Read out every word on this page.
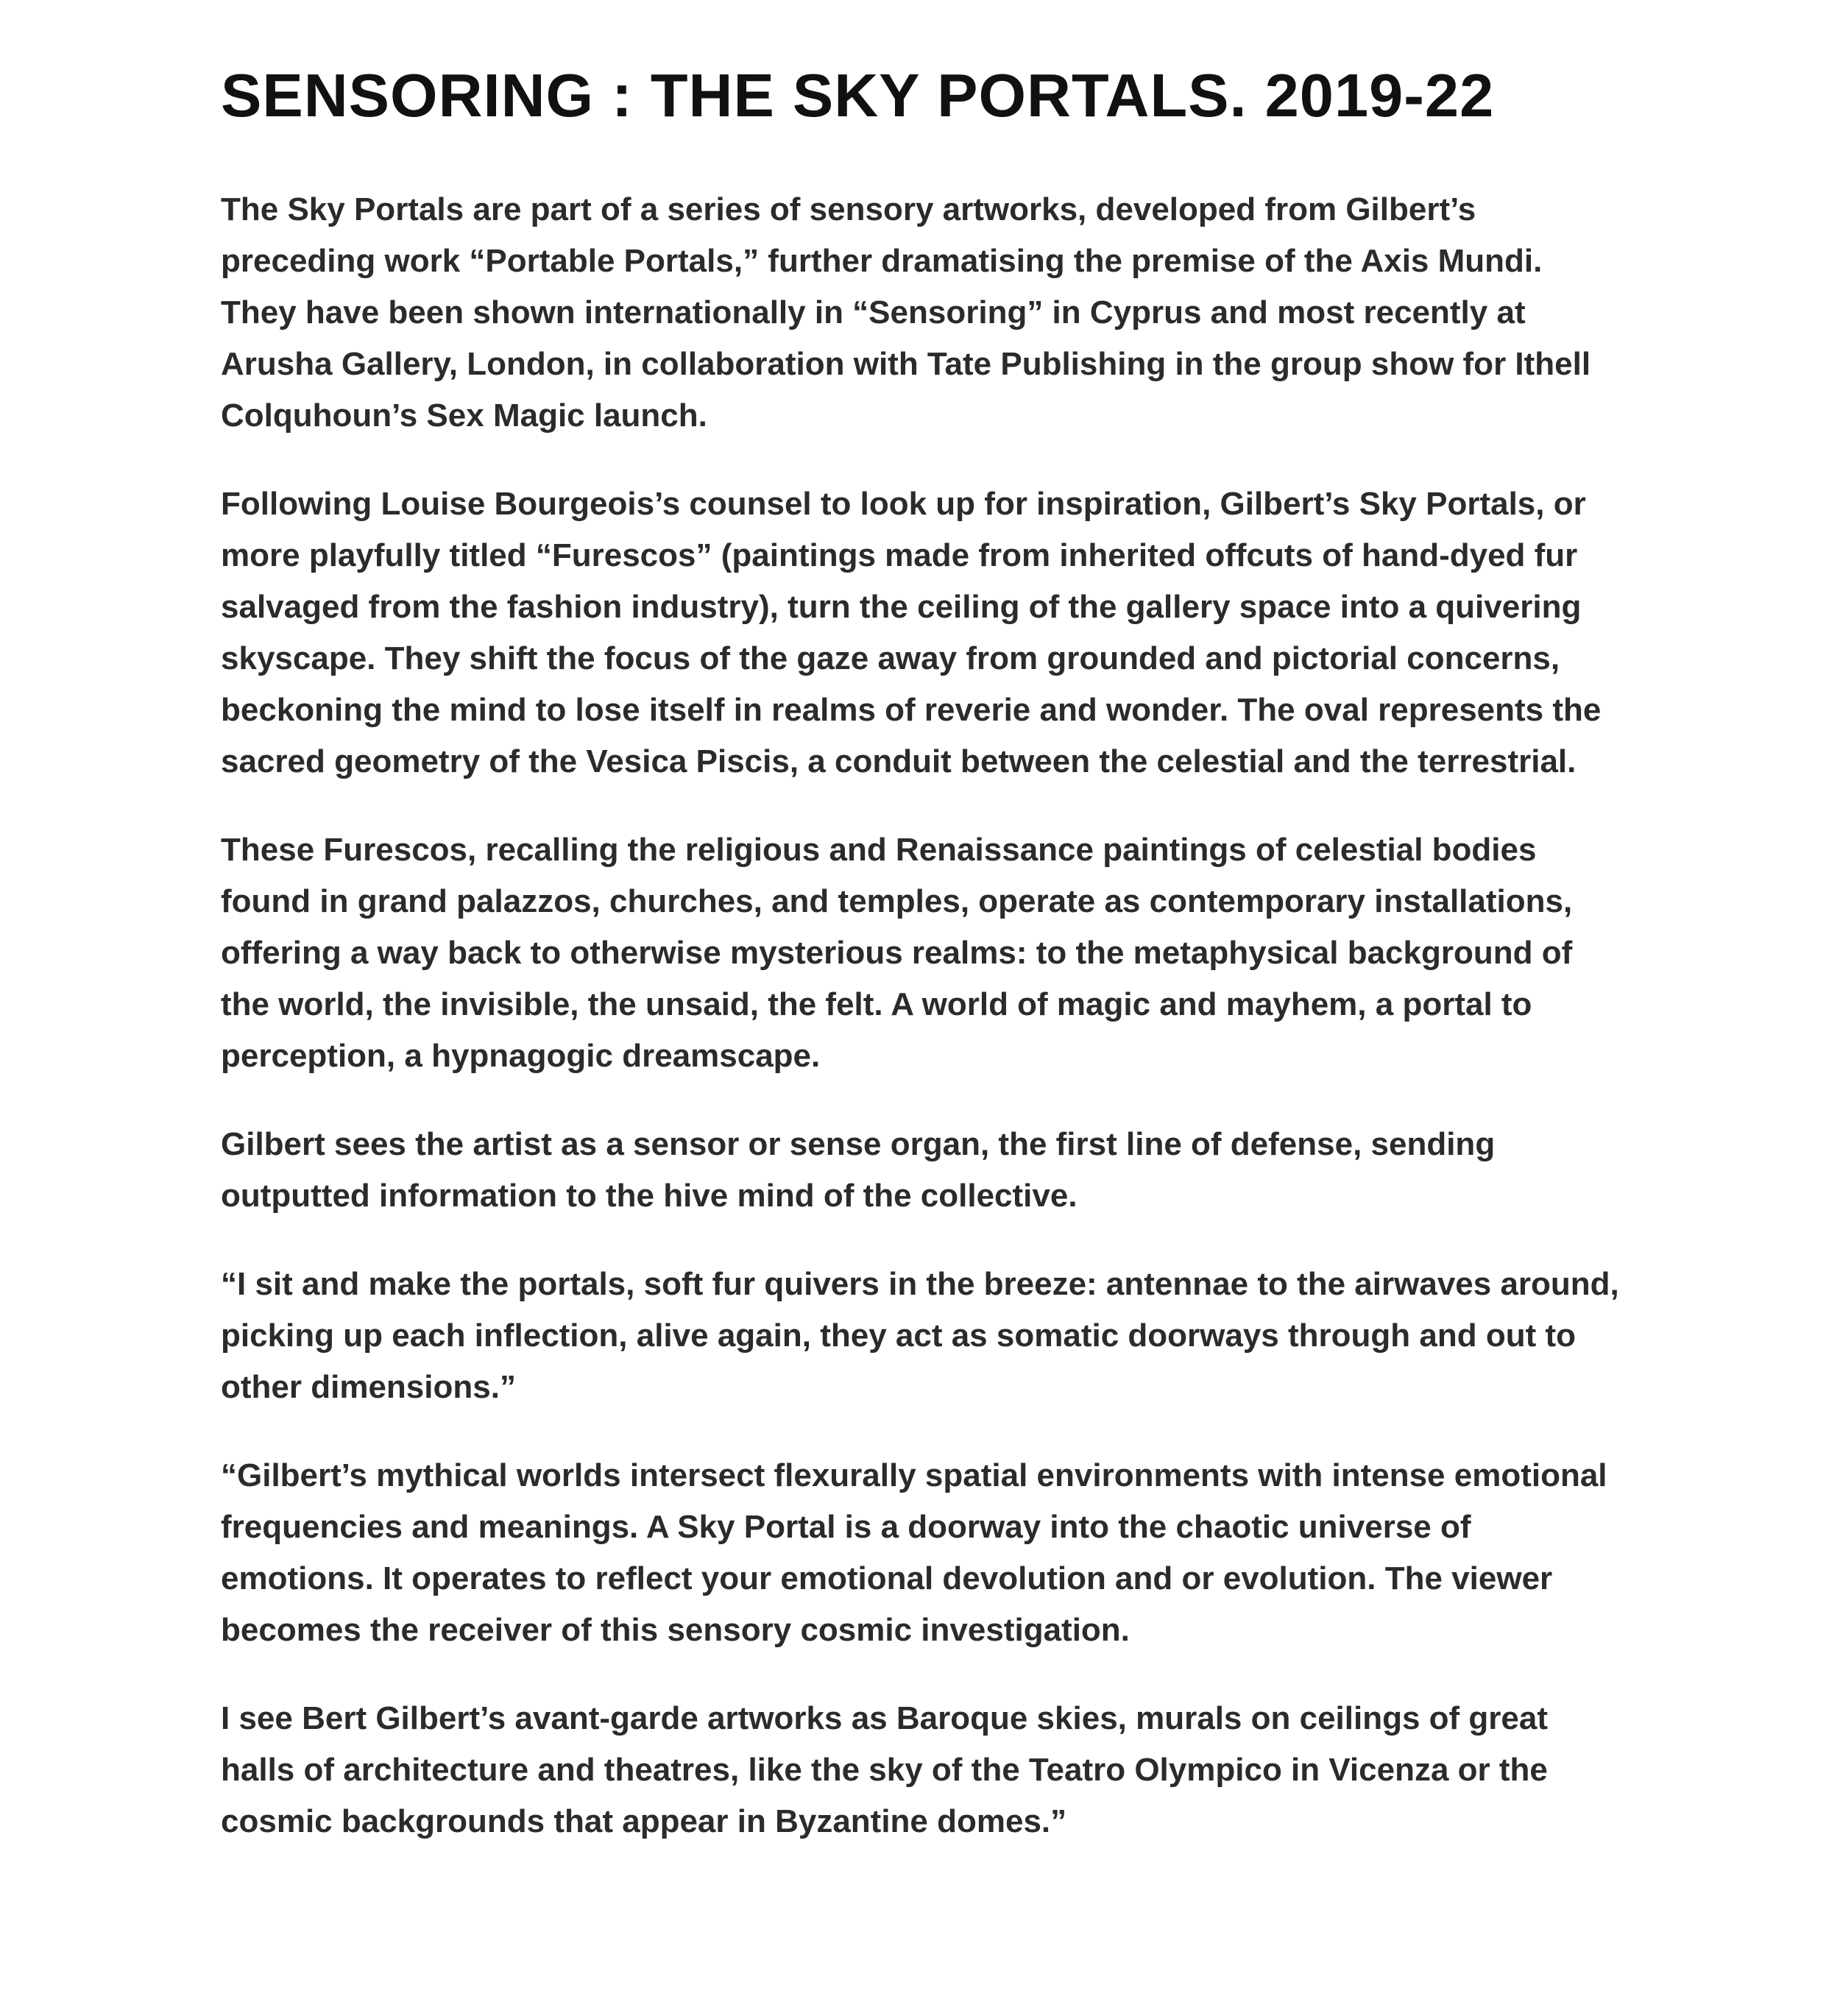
SENSORING : THE SKY PORTALS. 2019-22

The Sky Portals are part of a series of sensory artworks, developed from Gilbert’s preceding work “Portable Portals,” further dramatising the premise of the Axis Mundi. They have been shown internationally in “Sensoring” in Cyprus and most recently at Arusha Gallery, London, in collaboration with Tate Publishing in the group show for Ithell Colquhoun’s Sex Magic launch.

Following Louise Bourgeois’s counsel to look up for inspiration, Gilbert’s Sky Portals, or more playfully titled “Furescos” (paintings made from inherited offcuts of hand-dyed fur salvaged from the fashion industry), turn the ceiling of the gallery space into a quivering skyscape. They shift the focus of the gaze away from grounded and pictorial concerns, beckoning the mind to lose itself in realms of reverie and wonder. The oval represents the sacred geometry of the Vesica Piscis, a conduit between the celestial and the terrestrial.

These Furescos, recalling the religious and Renaissance paintings of celestial bodies found in grand palazzos, churches, and temples, operate as contemporary installations, offering a way back to otherwise mysterious realms: to the metaphysical background of the world, the invisible, the unsaid, the felt. A world of magic and mayhem, a portal to perception, a hypnagogic dreamscape.

Gilbert sees the artist as a sensor or sense organ, the first line of defense, sending outputted information to the hive mind of the collective.

“I sit and make the portals, soft fur quivers in the breeze: antennae to the airwaves around, picking up each inflection, alive again, they act as somatic doorways through and out to other dimensions.”

“Gilbert’s mythical worlds intersect flexurally spatial environments with intense emotional frequencies and meanings. A Sky Portal is a doorway into the chaotic universe of emotions. It operates to reflect your emotional devolution and or evolution. The viewer becomes the receiver of this sensory cosmic investigation.

I see Bert Gilbert’s avant-garde artworks as Baroque skies, murals on ceilings of great halls of architecture and theatres, like the sky of the Teatro Olympico in Vicenza or the cosmic backgrounds that appear in Byzantine domes.”
